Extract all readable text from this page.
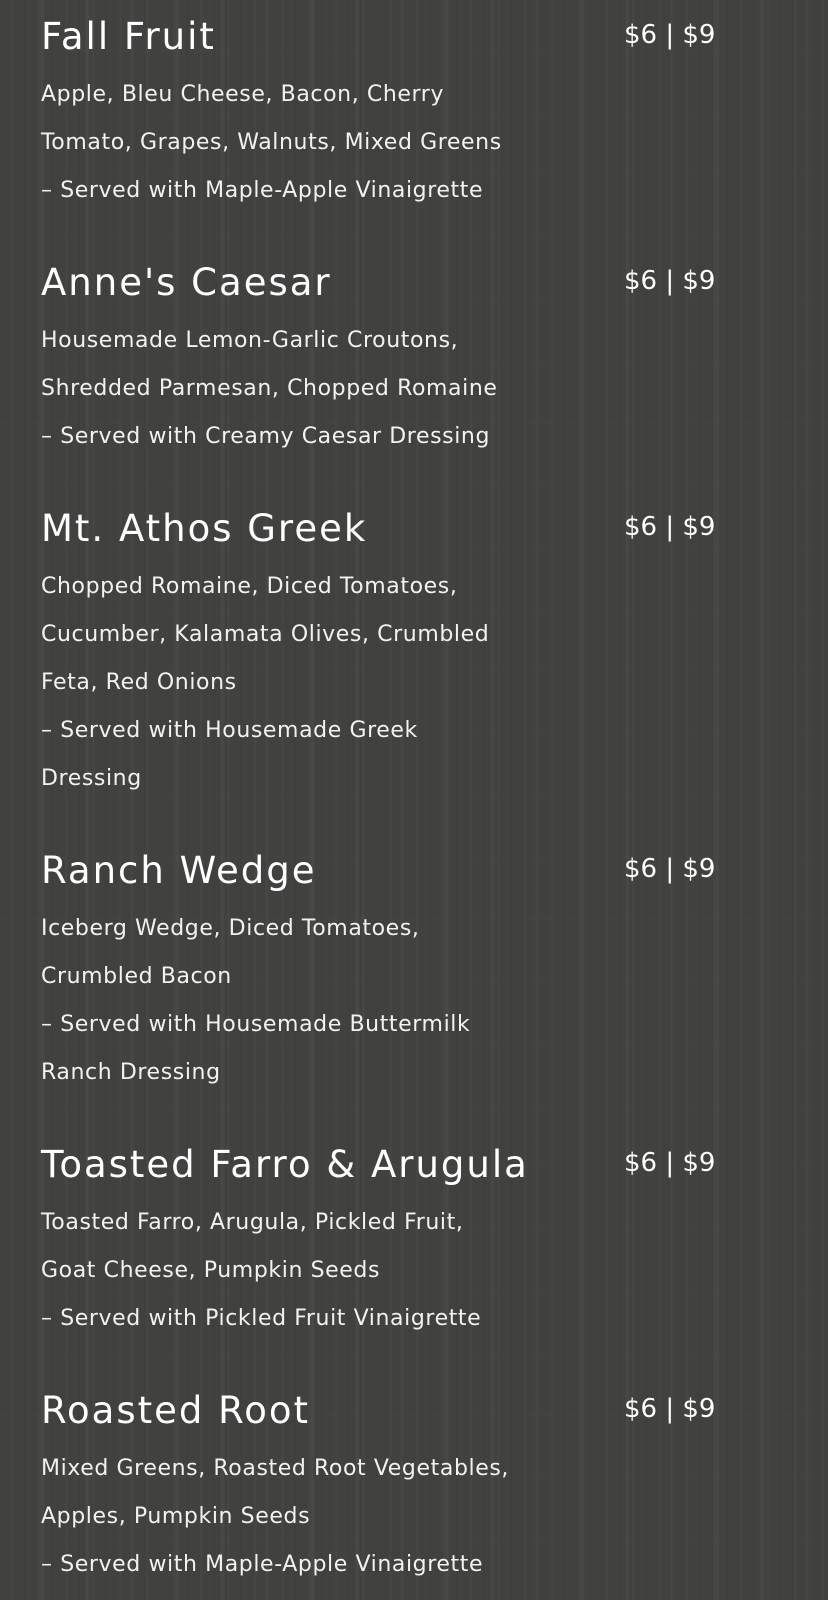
Fall Fruit	$6 | $9
Apple, Bleu Cheese, Bacon, Cherry
Tomato, Grapes, Walnuts, Mixed Greens
– Served with Maple-Apple Vinaigrette
Anne's Caesar	$6 | $9
Housemade Lemon-Garlic Croutons,
Shredded Parmesan, Chopped Romaine
– Served with Creamy Caesar Dressing
Mt. Athos Greek	$6 | $9
Chopped Romaine, Diced Tomatoes,
Cucumber, Kalamata Olives, Crumbled
Feta, Red Onions
– Served with Housemade Greek
Dressing
Ranch Wedge	$6 | $9
Iceberg Wedge, Diced Tomatoes,
Crumbled Bacon
– Served with Housemade Buttermilk
Ranch Dressing
Toasted Farro & Arugula	$6 | $9
Toasted Farro, Arugula, Pickled Fruit,
Goat Cheese, Pumpkin Seeds
– Served with Pickled Fruit Vinaigrette
Roasted Root	$6 | $9
Mixed Greens, Roasted Root Vegetables,
Apples, Pumpkin Seeds
– Served with Maple-Apple Vinaigrette
